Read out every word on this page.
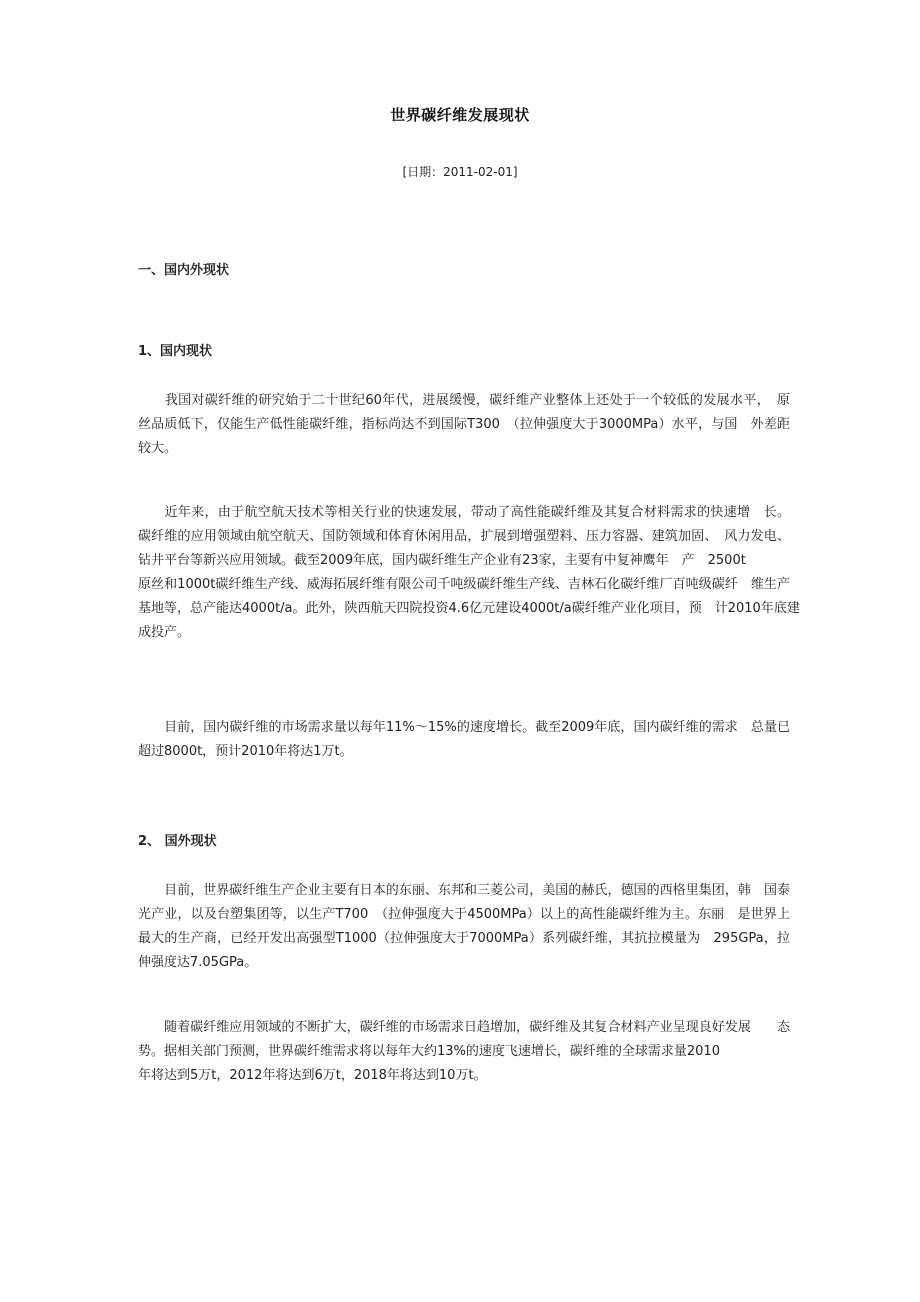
世界碳纤维发展现状
[日期：2011-02-01]
一、国内外现状
1、国内现状
　　我国对碳纤维的研究始于二十世纪60年代，进展缓慢，碳纤维产业整体上还处于一个较低的发展水平，　原
丝品质低下，仅能生产低性能碳纤维，指标尚达不到国际T300　（拉伸强度大于3000MPa）水平，与国　外差距
较大。
　　近年来，由于航空航天技术等相关行业的快速发展，带动了高性能碳纤维及其复合材料需求的快速增　长。
碳纤维的应用领域由航空航天、国防领域和体育休闲用品，扩展到增强塑料、压力容器、建筑加固、　风力发电、
钻井平台等新兴应用领域。截至2009年底，国内碳纤维生产企业有23家，主要有中复神鹰年　产　2500t
原丝和1000t碳纤维生产线、威海拓展纤维有限公司千吨级碳纤维生产线、吉林石化碳纤维厂百吨级碳纤　维生产
基地等，总产能达4000t/a。此外，陕西航天四院投资4.6亿元建设4000t/a碳纤维产业化项目，预　计2010年底建
成投产。
　　目前，国内碳纤维的市场需求量以每年11%～15%的速度增长。截至2009年底，国内碳纤维的需求　总量已
超过8000t，预计2010年将达1万t。
2、 国外现状
　　目前，世界碳纤维生产企业主要有日本的东丽、东邦和三菱公司，美国的赫氏，德国的西格里集团，韩　国泰
光产业，以及台塑集团等，以生产T700　（拉伸强度大于4500MPa）以上的高性能碳纤维为主。东丽　是世界上
最大的生产商，已经开发出高强型T1000（拉伸强度大于7000MPa）系列碳纤维，其抗拉模量为　295GPa，拉
伸强度达7.05GPa。
　　随着碳纤维应用领域的不断扩大，碳纤维的市场需求日趋增加，碳纤维及其复合材料产业呈现良好发展　　态
势。据相关部门预测，世界碳纤维需求将以每年大约13%的速度飞速增长，碳纤维的全球需求量2010
年将达到5万t，2012年将达到6万t，2018年将达到10万t。
